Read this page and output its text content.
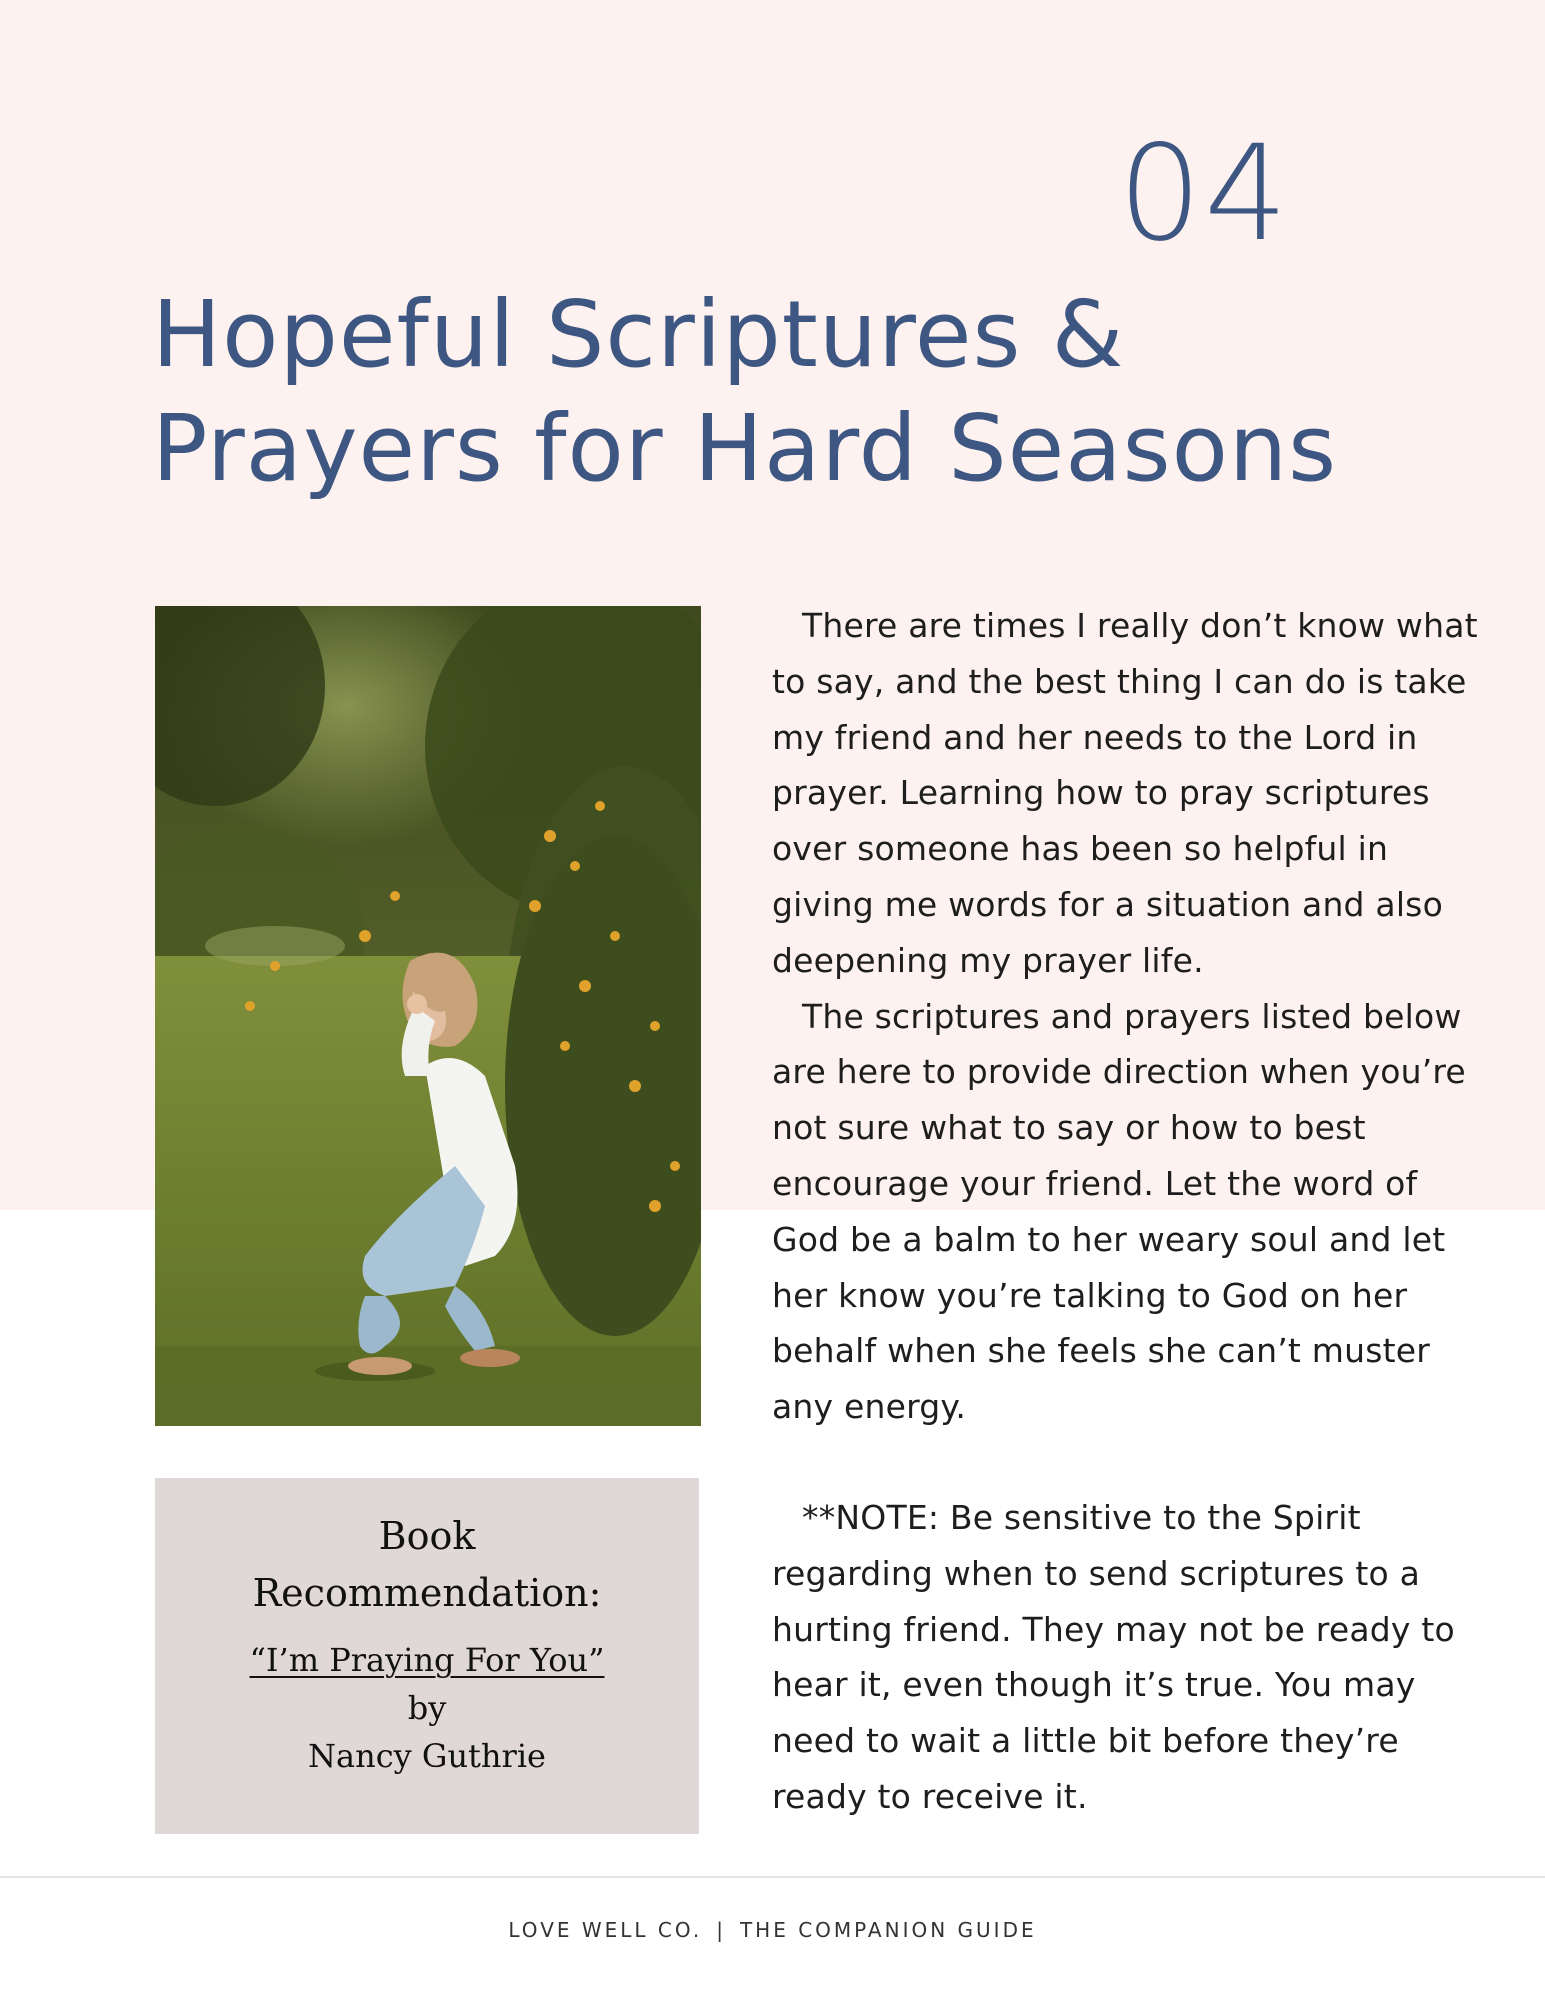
04
Hopeful Scriptures &
Prayers for Hard Seasons

There are times I really don’t know what to say, and the best thing I can do is take my friend and her needs to the Lord in prayer. Learning how to pray scriptures over someone has been so helpful in giving me words for a situation and also deepening my prayer life.

The scriptures and prayers listed below are here to provide direction when you’re not sure what to say or how to best encourage your friend. Let the word of God be a balm to her weary soul and let her know you’re talking to God on her behalf when she feels she can’t muster any energy.

**NOTE: Be sensitive to the Spirit regarding when to send scriptures to a hurting friend. They may not be ready to hear it, even though it’s true. You may need to wait a little bit before they’re ready to receive it.

Book
Recommendation:
“I’m Praying For You”
by
Nancy Guthrie
LOVE WELL CO. | THE COMPANION GUIDE
